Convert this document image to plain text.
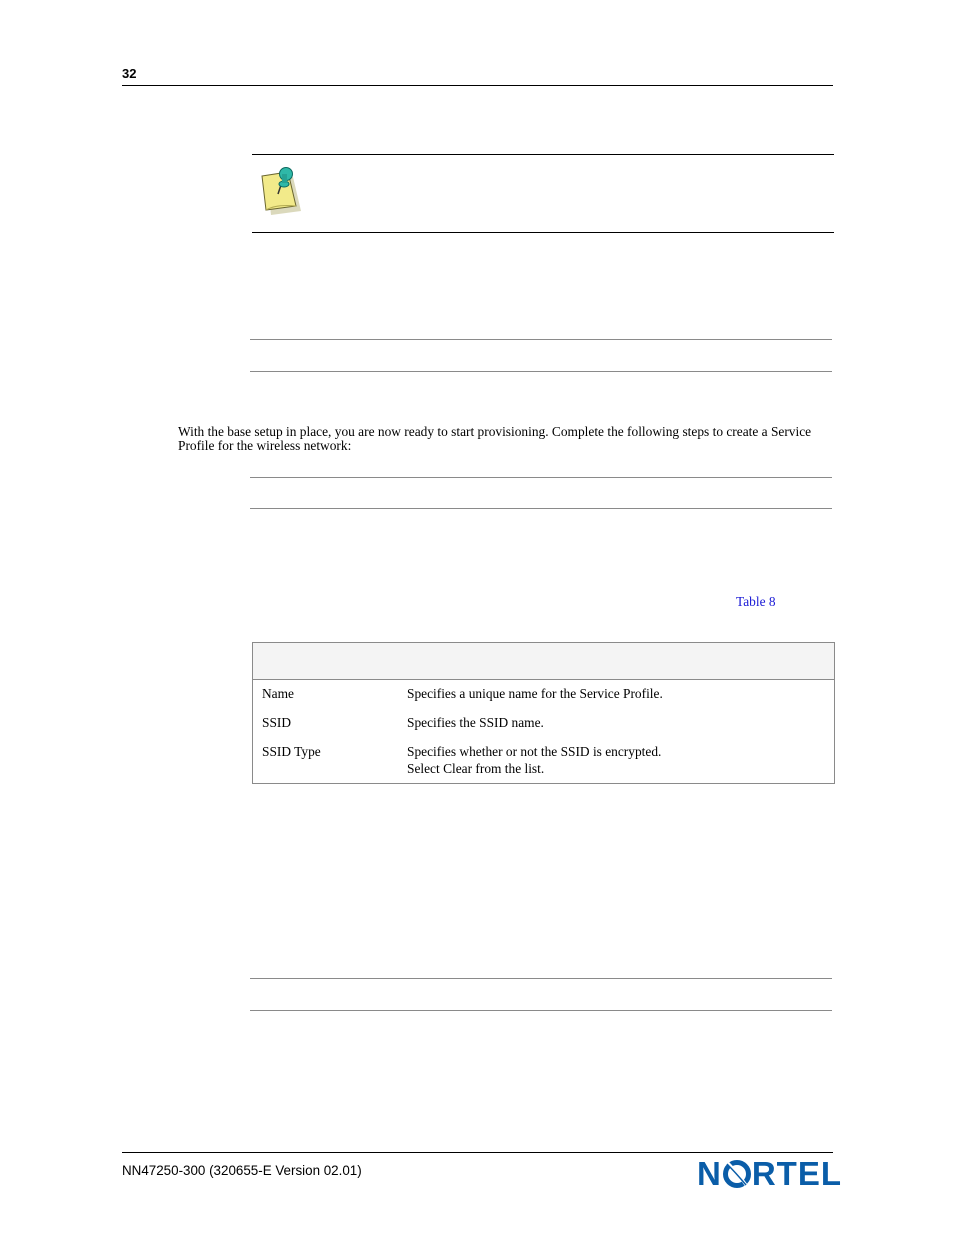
32
With the base setup in place, you are now ready to start provisioning. Complete the following steps to create a Service Profile for the wireless network:
Table 8

Name	Specifies a unique name for the Service Profile.
SSID	Specifies the SSID name.
SSID Type	Specifies whether or not the SSID is encrypted.
Select Clear from the list.
NN47250-300 (320655-E Version 02.01)	N RTEL
